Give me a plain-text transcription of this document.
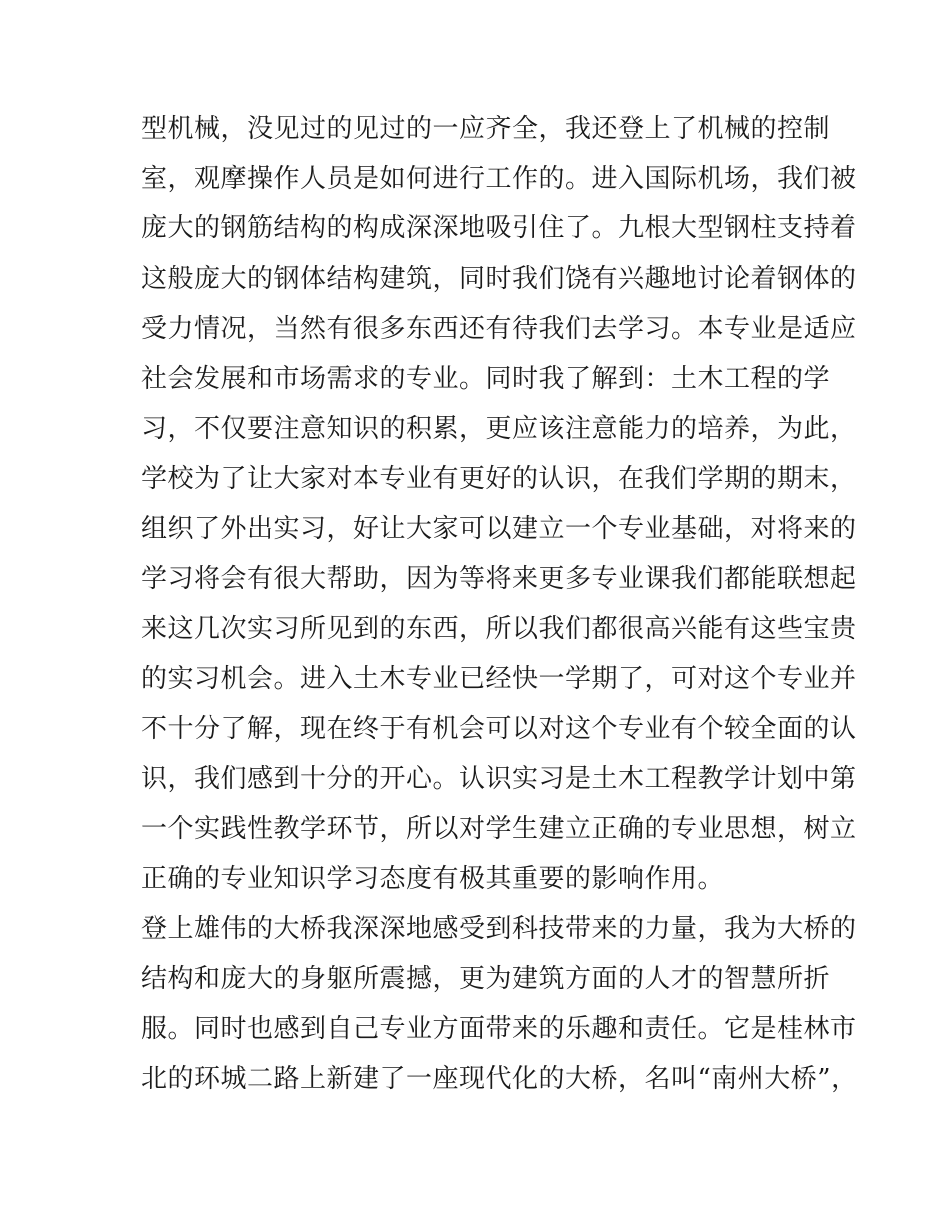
型机械，没见过的见过的一应齐全，我还登上了机械的控制
室，观摩操作人员是如何进行工作的。进入国际机场，我们被
庞大的钢筋结构的构成深深地吸引住了。九根大型钢柱支持着
这般庞大的钢体结构建筑，同时我们饶有兴趣地讨论着钢体的
受力情况，当然有很多东西还有待我们去学习。本专业是适应
社会发展和市场需求的专业。同时我了解到：土木工程的学
习，不仅要注意知识的积累，更应该注意能力的培养，为此，
学校为了让大家对本专业有更好的认识，在我们学期的期末，
组织了外出实习，好让大家可以建立一个专业基础，对将来的
学习将会有很大帮助，因为等将来更多专业课我们都能联想起
来这几次实习所见到的东西，所以我们都很高兴能有这些宝贵
的实习机会。进入土木专业已经快一学期了，可对这个专业并
不十分了解，现在终于有机会可以对这个专业有个较全面的认
识，我们感到十分的开心。认识实习是土木工程教学计划中第
一个实践性教学环节，所以对学生建立正确的专业思想，树立
正确的专业知识学习态度有极其重要的影响作用。
登上雄伟的大桥我深深地感受到科技带来的力量，我为大桥的
结构和庞大的身躯所震撼，更为建筑方面的人才的智慧所折
服。同时也感到自己专业方面带来的乐趣和责任。它是桂林市
北的环城二路上新建了一座现代化的大桥，名叫“南州大桥”，
